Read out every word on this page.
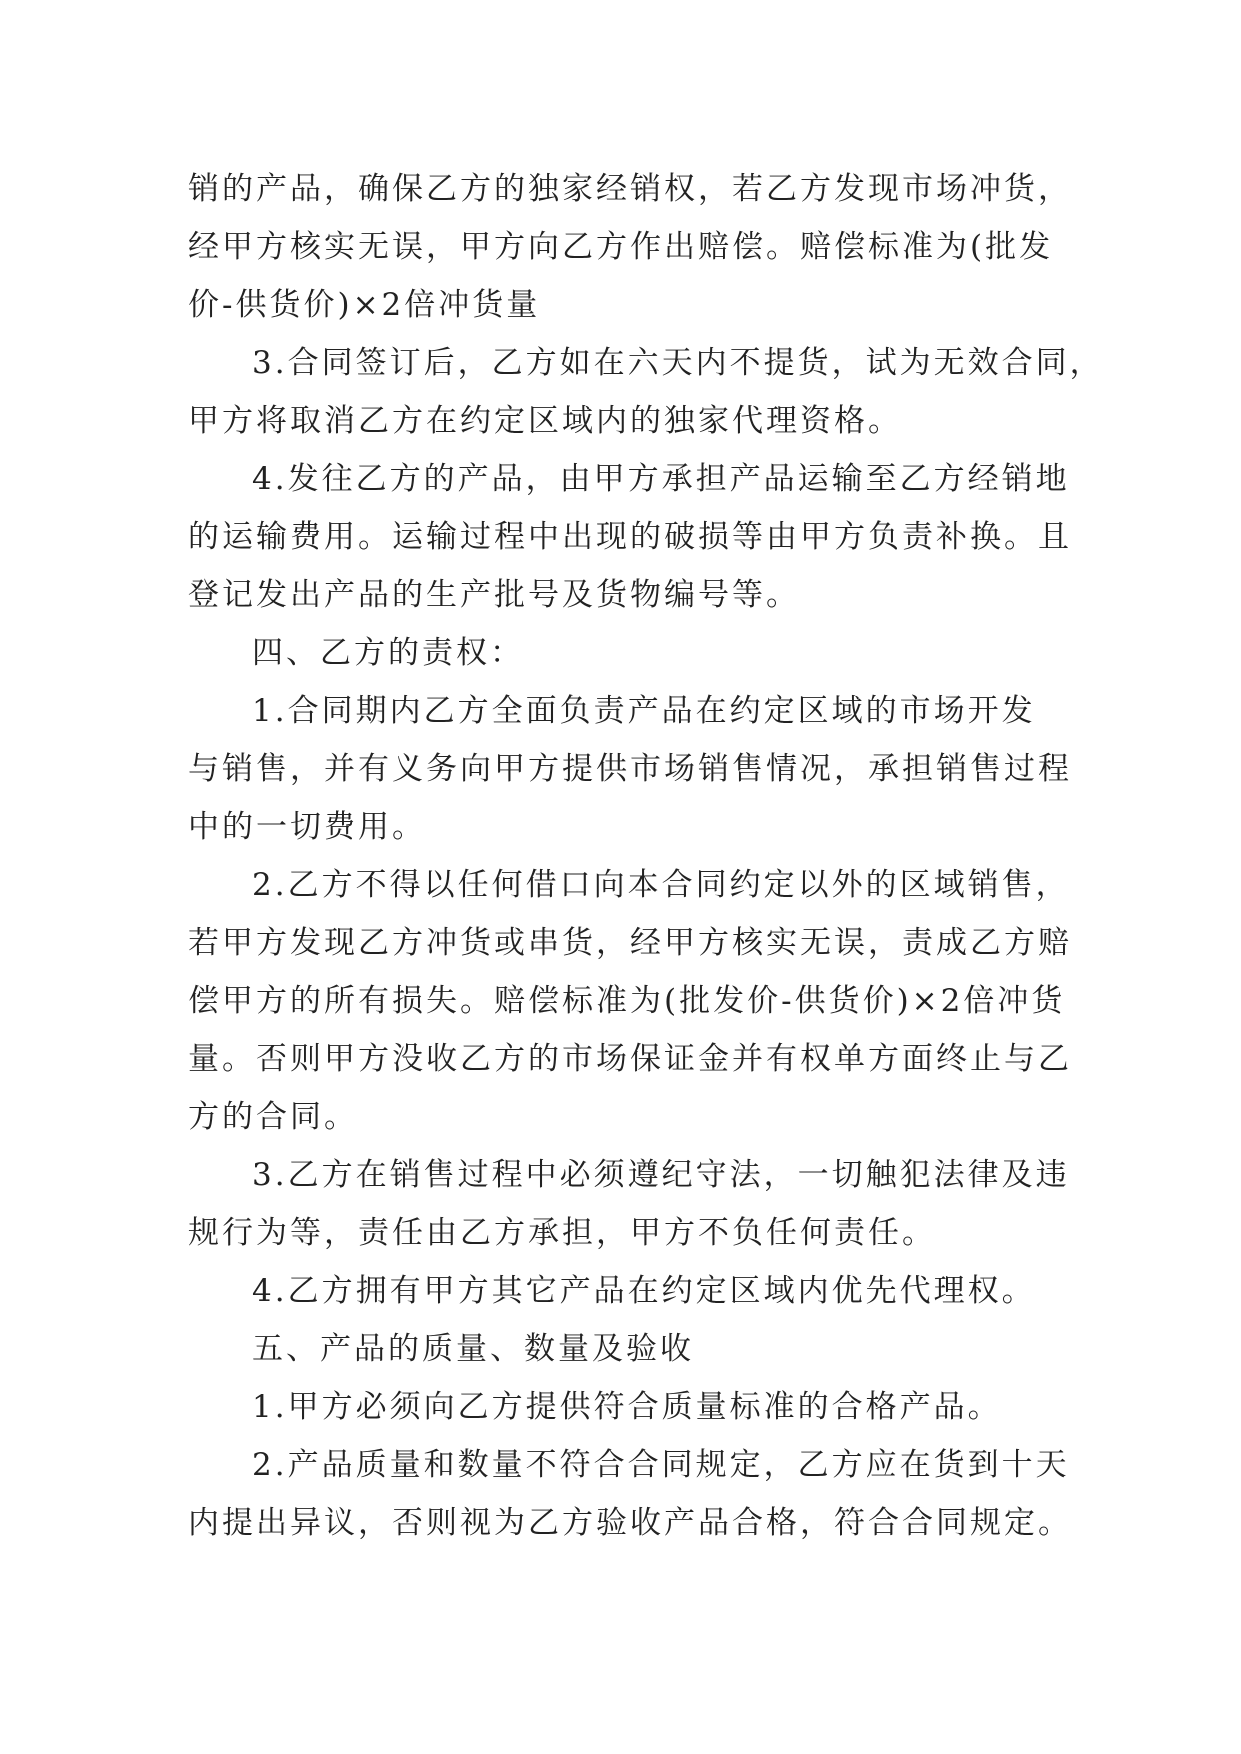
销的产品，确保乙方的独家经销权，若乙方发现市场冲货，

经甲方核实无误，甲方向乙方作出赔偿。赔偿标准为(批发

价-供货价)×2倍冲货量

3.合同签订后，乙方如在六天内不提货，试为无效合同，

甲方将取消乙方在约定区域内的独家代理资格。

4.发往乙方的产品，由甲方承担产品运输至乙方经销地

的运输费用。运输过程中出现的破损等由甲方负责补换。且

登记发出产品的生产批号及货物编号等。

四、乙方的责权：

1.合同期内乙方全面负责产品在约定区域的市场开发

与销售，并有义务向甲方提供市场销售情况，承担销售过程

中的一切费用。

2.乙方不得以任何借口向本合同约定以外的区域销售，

若甲方发现乙方冲货或串货，经甲方核实无误，责成乙方赔

偿甲方的所有损失。赔偿标准为(批发价-供货价)×2倍冲货

量。否则甲方没收乙方的市场保证金并有权单方面终止与乙

方的合同。

3.乙方在销售过程中必须遵纪守法，一切触犯法律及违

规行为等，责任由乙方承担，甲方不负任何责任。

4.乙方拥有甲方其它产品在约定区域内优先代理权。

五、产品的质量、数量及验收

1.甲方必须向乙方提供符合质量标准的合格产品。

2.产品质量和数量不符合合同规定，乙方应在货到十天

内提出异议，否则视为乙方验收产品合格，符合合同规定。
